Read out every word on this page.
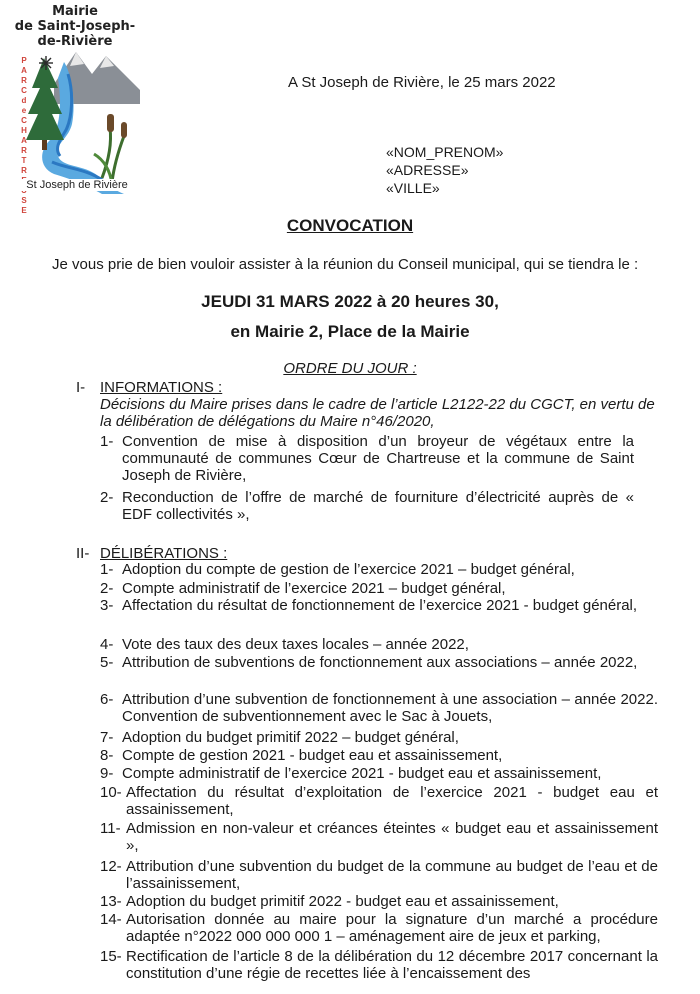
Mairie
de Saint-Joseph-de-Rivière
P
A
R
C
d
e
C
H
A
R
T
R
S
E
St Joseph de Rivière
A St Joseph de Rivière, le 25 mars 2022
«NOM_PRENOM»
«ADRESSE»
«VILLE»
CONVOCATION
Je vous prie de bien vouloir assister à la réunion du Conseil municipal, qui se tiendra le :
JEUDI 31 MARS 2022 à 20 heures 30,
en Mairie 2, Place de la Mairie
ORDRE DU JOUR :
I- INFORMATIONS :
Décisions du Maire prises dans le cadre de l’article L2122-22 du CGCT, en vertu de la délibération de délégations du Maire n°46/2020,
II- DÉLIBÉRATIONS :
1- Convention de mise à disposition d’un broyeur de végétaux entre la communauté de communes Cœur de Chartreuse et la commune de Saint Joseph de Rivière,
2- Reconduction de l’offre de marché de fourniture d’électricité auprès de « EDF collectivités »,
1- Adoption du compte de gestion de l’exercice 2021 – budget général,
2- Compte administratif de l’exercice 2021 – budget général,
3- Affectation du résultat de fonctionnement de l’exercice 2021 - budget général,
4- Vote des taux des deux taxes locales – année 2022,
5- Attribution de subventions de fonctionnement aux associations – année 2022,
6- Attribution d’une subvention de fonctionnement à une association – année 2022. Convention de subventionnement avec le Sac à Jouets,
7- Adoption du budget primitif 2022 – budget général,
8- Compte de gestion 2021 - budget eau et assainissement,
9- Compte administratif de l’exercice 2021 - budget eau et assainissement,
10- Affectation du résultat d’exploitation de l’exercice 2021 - budget eau et assainissement,
11- Admission en non-valeur et créances éteintes « budget eau et assainissement »,
12- Attribution d’une subvention du budget de la commune au budget de l’eau et de l’assainissement,
13- Adoption du budget primitif 2022 - budget eau et assainissement,
14- Autorisation donnée au maire pour la signature d’un marché a procédure adaptée n°2022 000 000 000 1 – aménagement aire de jeux et parking,
15- Rectification de l’article 8 de la délibération du 12 décembre 2017 concernant la constitution d’une régie de recettes liée à l’encaissement des
